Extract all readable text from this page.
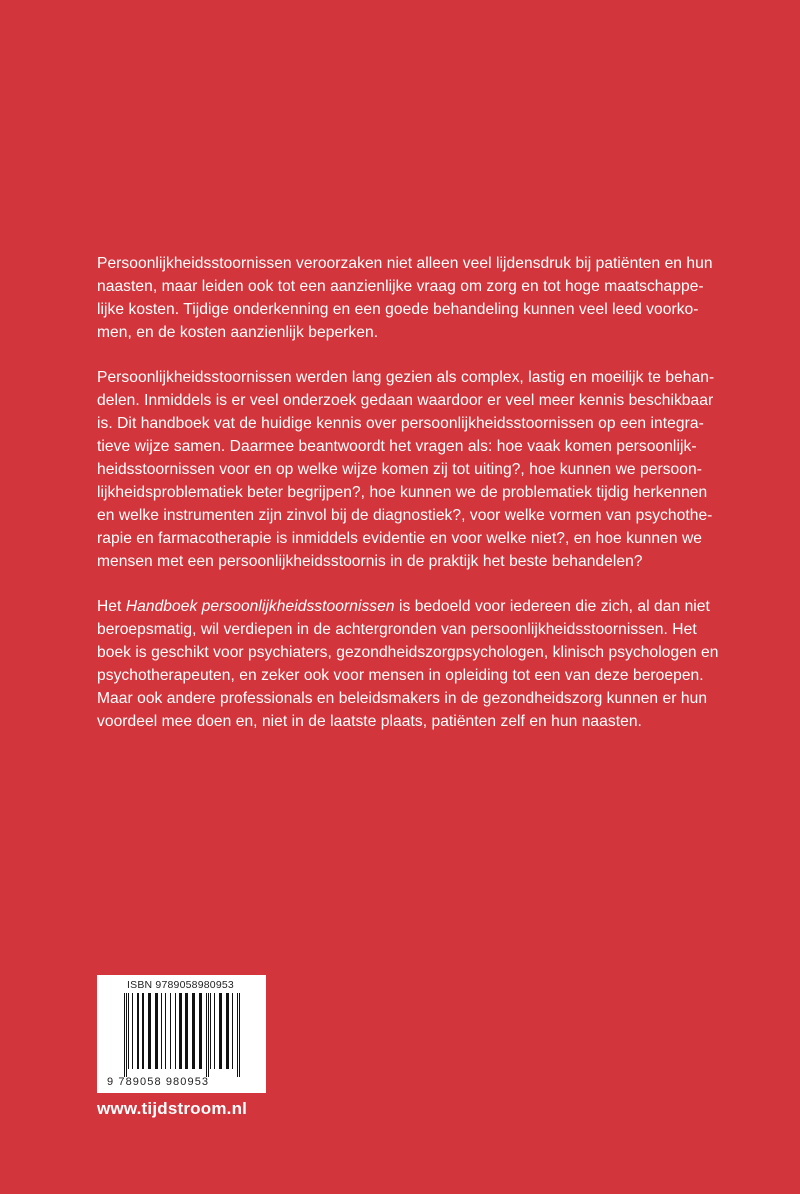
Persoonlijkheidsstoornissen veroorzaken niet alleen veel lijdensdruk bij patiënten en hun
naasten, maar leiden ook tot een aanzienlijke vraag om zorg en tot hoge maatschappe-
lijke kosten. Tijdige onderkenning en een goede behandeling kunnen veel leed voorko-
men, en de kosten aanzienlijk beperken.

Persoonlijkheidsstoornissen werden lang gezien als complex, lastig en moeilijk te behan-
delen. Inmiddels is er veel onderzoek gedaan waardoor er veel meer kennis beschikbaar
is. Dit handboek vat de huidige kennis over persoonlijkheidsstoornissen op een integra-
tieve wijze samen. Daarmee beantwoordt het vragen als: hoe vaak komen persoonlijk-
heidsstoornissen voor en op welke wijze komen zij tot uiting?, hoe kunnen we persoon-
lijkheidsproblematiek beter begrijpen?, hoe kunnen we de problematiek tijdig herkennen
en welke instrumenten zijn zinvol bij de diagnostiek?, voor welke vormen van psychothe-
rapie en farmacotherapie is inmiddels evidentie en voor welke niet?, en hoe kunnen we
mensen met een persoonlijkheidsstoornis in de praktijk het beste behandelen?

Het Handboek persoonlijkheidsstoornissen is bedoeld voor iedereen die zich, al dan niet
beroepsmatig, wil verdiepen in de achtergronden van persoonlijkheidsstoornissen. Het
boek is geschikt voor psychiaters, gezondheidszorgpsychologen, klinisch psychologen en
psychotherapeuten, en zeker ook voor mensen in opleiding tot een van deze beroepen.
Maar ook andere professionals en beleidsmakers in de gezondheidszorg kunnen er hun
voordeel mee doen en, niet in de laatste plaats, patiënten zelf en hun naasten.

ISBN 9789058980953
9 789058 980953
www.tijdstroom.nl
